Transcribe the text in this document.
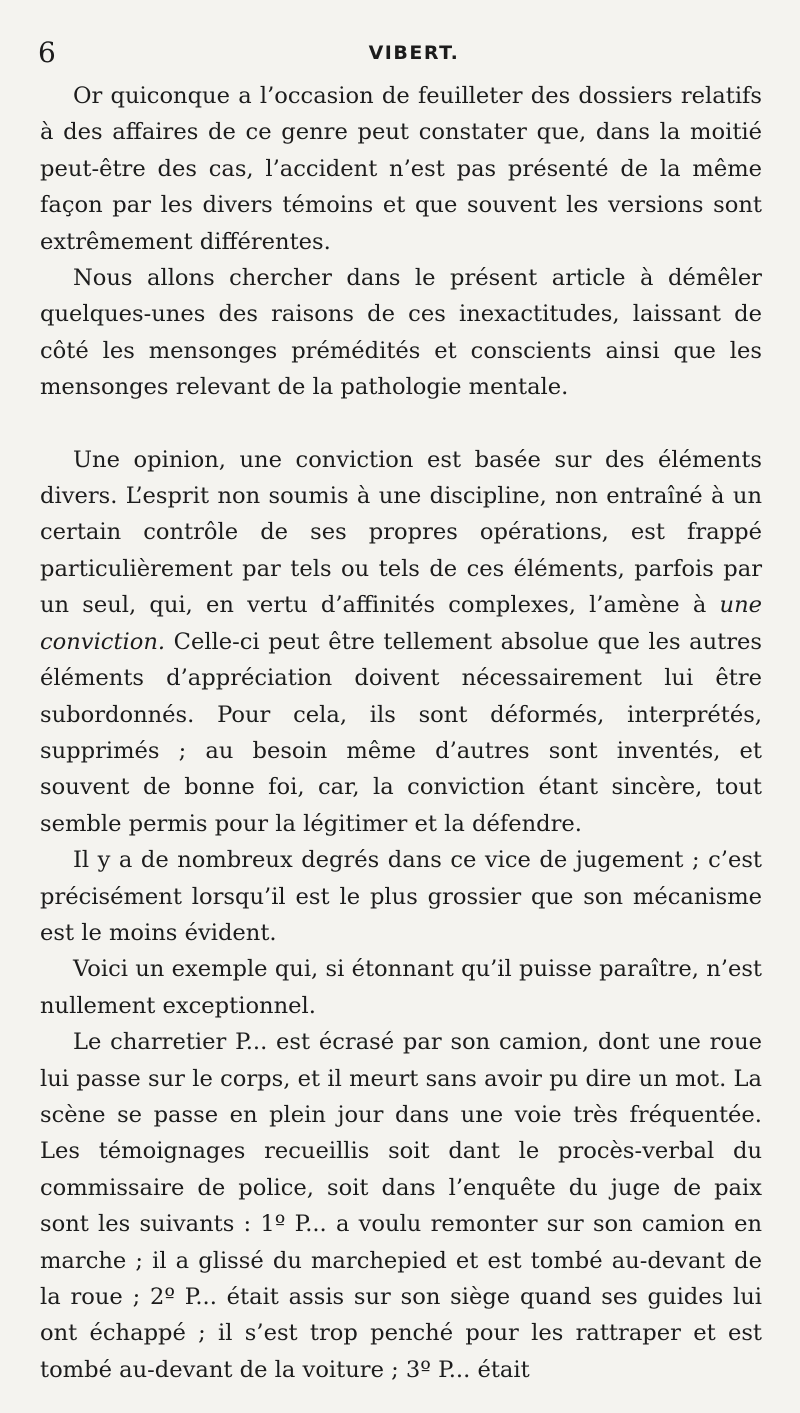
6	VIBERT.

Or quiconque a l’occasion de feuilleter des dossiers relatifs à des affaires de ce genre peut constater que, dans la moitié peut-être des cas, l’accident n’est pas présenté de la même façon par les divers témoins et que souvent les versions sont extrêmement différentes.

Nous allons chercher dans le présent article à démêler quelques-unes des raisons de ces inexactitudes, laissant de côté les mensonges prémédités et conscients ainsi que les mensonges relevant de la pathologie mentale.

Une opinion, une conviction est basée sur des éléments divers. L’esprit non soumis à une discipline, non entraîné à un certain contrôle de ses propres opérations, est frappé particulièrement par tels ou tels de ces éléments, parfois par un seul, qui, en vertu d’affinités complexes, l’amène à une conviction. Celle-ci peut être tellement absolue que les autres éléments d’appréciation doivent nécessairement lui être subordonnés. Pour cela, ils sont déformés, interprétés, supprimés ; au besoin même d’autres sont inventés, et souvent de bonne foi, car, la conviction étant sincère, tout semble permis pour la légitimer et la défendre.

Il y a de nombreux degrés dans ce vice de jugement ; c’est précisément lorsqu’il est le plus grossier que son mécanisme est le moins évident.

Voici un exemple qui, si étonnant qu’il puisse paraître, n’est nullement exceptionnel.

Le charretier P... est écrasé par son camion, dont une roue lui passe sur le corps, et il meurt sans avoir pu dire un mot. La scène se passe en plein jour dans une voie très fréquentée. Les témoignages recueillis soit dant le procès-verbal du commissaire de police, soit dans l’enquête du juge de paix sont les suivants : 1º P... a voulu remonter sur son camion en marche ; il a glissé du marchepied et est tombé au-devant de la roue ; 2º P... était assis sur son siège quand ses guides lui ont échappé ; il s’est trop penché pour les rattraper et est tombé au-devant de la voiture ; 3º P... était
